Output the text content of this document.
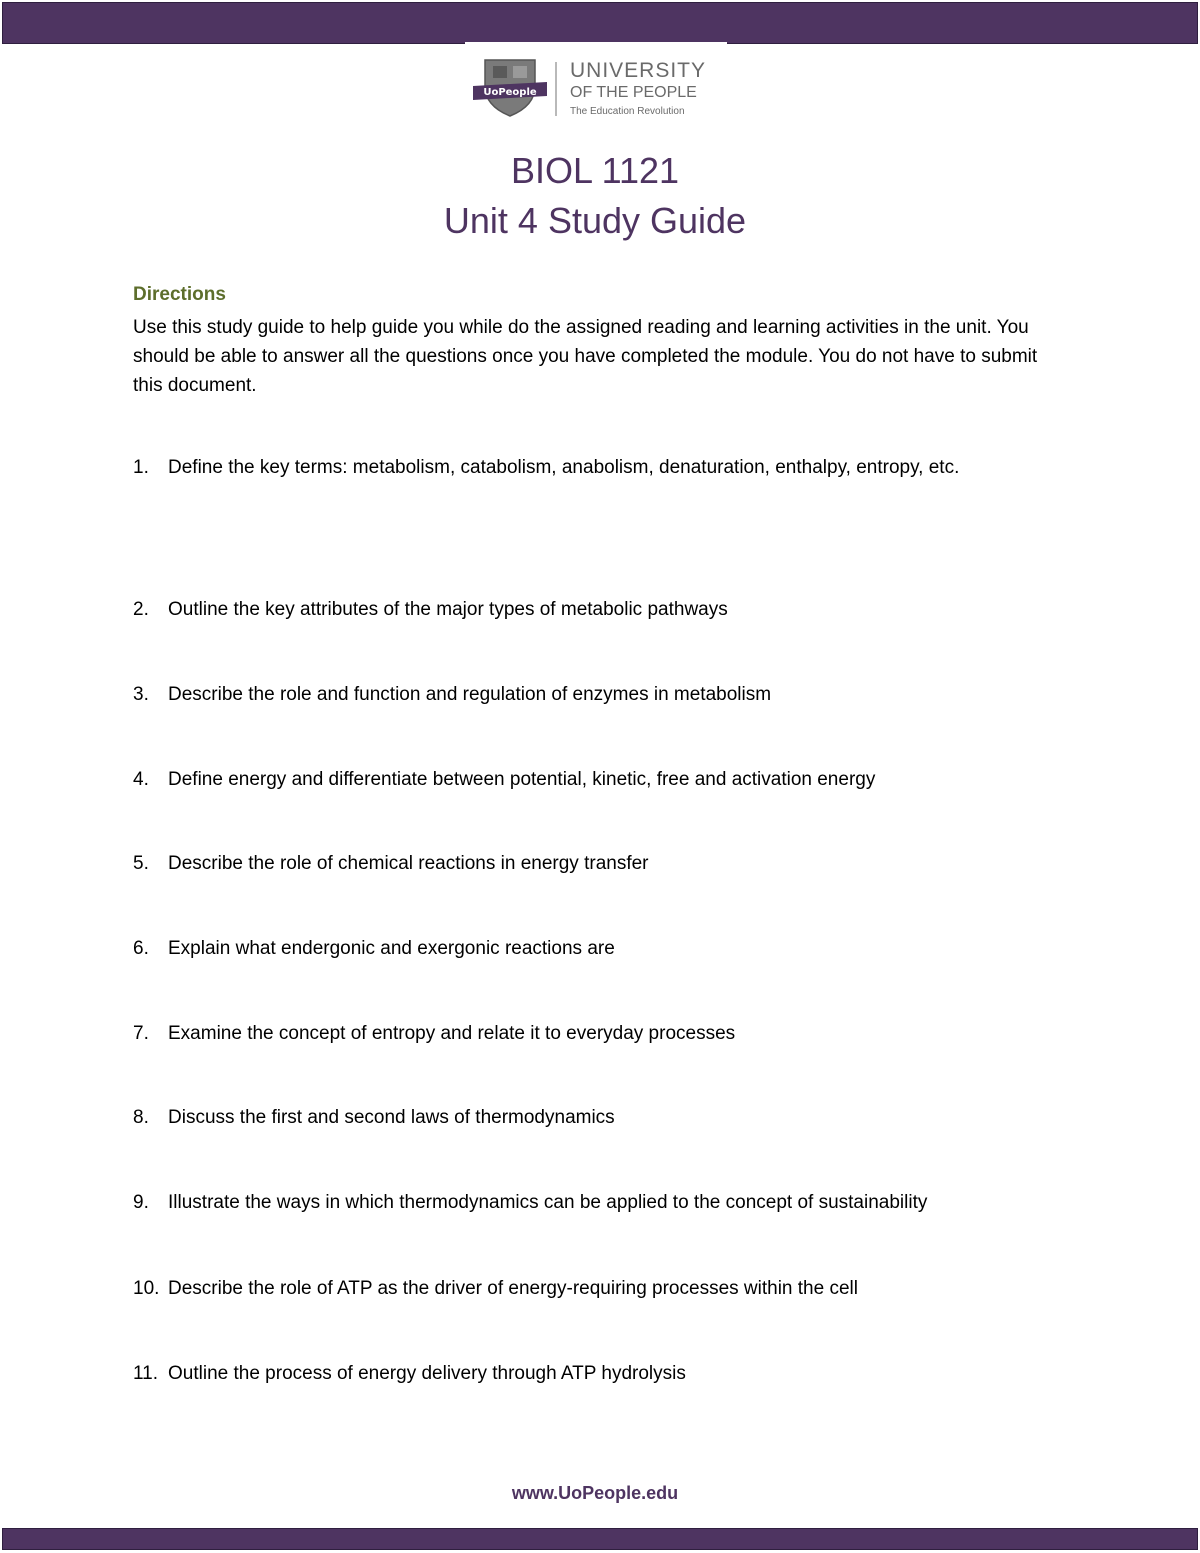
UoPeople
UNIVERSITY
OF THE PEOPLE
The Education Revolution
BIOL 1121
Unit 4 Study Guide
Directions
Use this study guide to help guide you while do the assigned reading and learning activities in the unit. You should be able to answer all the questions once you have completed the module. You do not have to submit this document.
1. Define the key terms: metabolism, catabolism, anabolism, denaturation, enthalpy, entropy, etc.
2. Outline the key attributes of the major types of metabolic pathways
3. Describe the role and function and regulation of enzymes in metabolism
4. Define energy and differentiate between potential, kinetic, free and activation energy
5. Describe the role of chemical reactions in energy transfer
6. Explain what endergonic and exergonic reactions are
7. Examine the concept of entropy and relate it to everyday processes
8. Discuss the first and second laws of thermodynamics
9. Illustrate the ways in which thermodynamics can be applied to the concept of sustainability
10. Describe the role of ATP as the driver of energy-requiring processes within the cell
11. Outline the process of energy delivery through ATP hydrolysis
www.UoPeople.edu
